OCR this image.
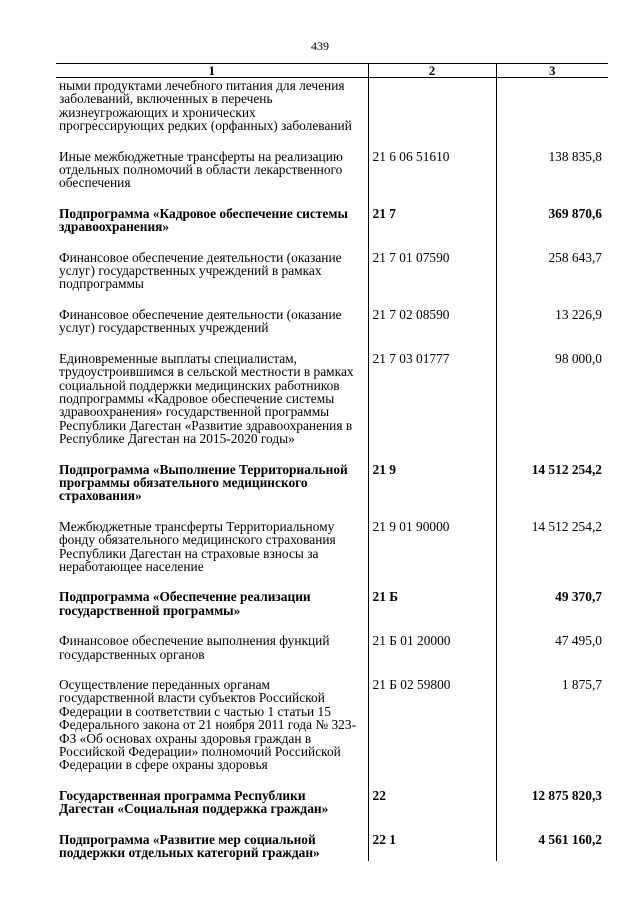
439
1	2	3
ными продуктами лечебного питания для лечения заболеваний, включенных в перечень жизнеугрожающих и хронических прогрессирующих редких (орфанных) заболеваний		
Иные межбюджетные трансферты на реализацию отдельных полномочий в области лекарственного обеспечения	21 6 06 51610	138 835,8
Подпрограмма «Кадровое обеспечение системы здравоохранения»	21 7	369 870,6
Финансовое обеспечение деятельности (оказание услуг) государственных учреждений в рамках подпрограммы	21 7 01 07590	258 643,7
Финансовое обеспечение деятельности (оказание услуг) государственных учреждений	21 7 02 08590	13 226,9
Единовременные выплаты специалистам, трудоустроившимся в сельской местности в рамках социальной поддержки медицинских работников подпрограммы «Кадровое обеспечение системы здравоохранения» государственной программы Республики Дагестан «Развитие здравоохранения в Республике Дагестан на 2015-2020 годы»	21 7 03 01777	98 000,0
Подпрограмма «Выполнение Территориальной программы обязательного медицинского страхования»	21 9	14 512 254,2
Межбюджетные трансферты Территориальному фонду обязательного медицинского страхования Республики Дагестан на страховые взносы за неработающее население	21 9 01 90000	14 512 254,2
Подпрограмма «Обеспечение реализации государственной программы»	21 Б	49 370,7
Финансовое обеспечение выполнения функций государственных органов	21 Б 01 20000	47 495,0
Осуществление переданных органам государственной власти субъектов Российской Федерации в соответствии с частью 1 статьи 15 Федерального закона от 21 ноября 2011 года № 323-ФЗ «Об основах охраны здоровья граждан в Российской Федерации» полномочий Российской Федерации в сфере охраны здоровья	21 Б 02 59800	1 875,7
Государственная программа Республики Дагестан «Социальная поддержка граждан»	22	12 875 820,3
Подпрограмма «Развитие мер социальной поддержки отдельных категорий граждан»	22 1	4 561 160,2
